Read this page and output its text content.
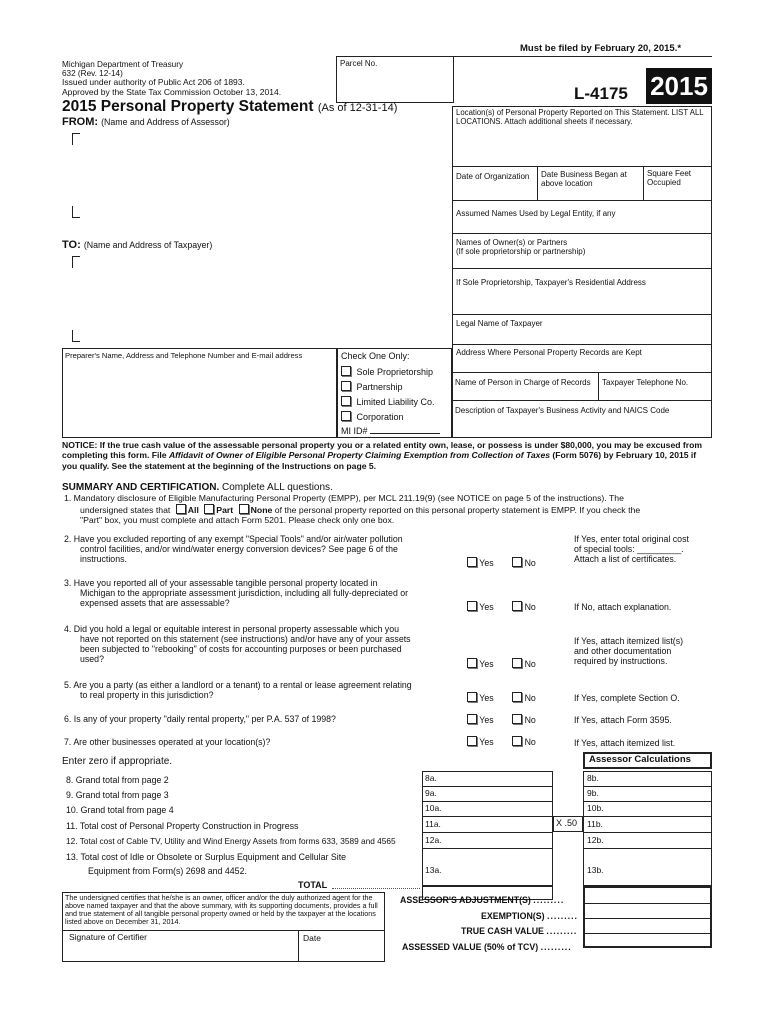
Must be filed by February 20, 2015.*
Michigan Department of Treasury
632 (Rev. 12-14)
Issued under authority of Public Act 206 of 1893.
Approved by the State Tax Commission October 13, 2014.
Parcel No.
L-4175 2015
2015 Personal Property Statement (As of 12-31-14)
FROM: (Name and Address of Assessor)
TO: (Name and Address of Taxpayer)
Location(s) of Personal Property Reported on This Statement. LIST ALL LOCATIONS. Attach additional sheets if necessary.
Date of Organization Date Business Began at above location
Square Feet Occupied
Assumed Names Used by Legal Entity, if any
Names of Owner(s) or Partners
(If sole proprietorship or partnership)
If Sole Proprietorship, Taxpayer's Residential Address
Legal Name of Taxpayer
Address Where Personal Property Records are Kept
Name of Person in Charge of Records Taxpayer Telephone No.
Description of Taxpayer's Business Activity and NAICS Code
Preparer's Name, Address and Telephone Number and E-mail address	Check One Only:
Sole Proprietorship
Partnership
Limited Liability Co.
Corporation
MI ID#
NOTICE: If the true cash value of the assessable personal property you or a related entity own, lease, or possess is under $80,000, you may be excused from completing this form. File Affidavit of Owner of Eligible Personal Property Claiming Exemption from Collection of Taxes (Form 5076) by February 10, 2015 if you qualify. See the statement at the beginning of the Instructions on page 5.
SUMMARY AND CERTIFICATION. Complete ALL questions.
1. Mandatory disclosure of Eligible Manufacturing Personal Property (EMPP), per MCL 211.19(9) (see NOTICE on page 5 of the instructions). The
undersigned states that All Part None of the personal property reported on this personal property statement is EMPP. If you check the
"Part" box, you must complete and attach Form 5201. Please check only one box.
2. Have you excluded reporting of any exempt "Special Tools" and/or air/water pollution
control facilities, and/or wind/water energy conversion devices? See page 6 of the
instructions.	Yes	No
If Yes, enter total original cost
of special tools: _________.
Attach a list of certificates.
3. Have you reported all of your assessable tangible personal property located in
Michigan to the appropriate assessment jurisdiction, including all fully-depreciated or
expensed assets that are assessable?	Yes	No	If No, attach explanation.
4. Did you hold a legal or equitable interest in personal property assessable which you
have not reported on this statement (see instructions) and/or have any of your assets
been subjected to "rebooking" of costs for accounting purposes or been purchased
used?	Yes	No
If Yes, attach itemized list(s)
and other documentation
required by instructions.
5. Are you a party (as either a landlord or a tenant) to a rental or lease agreement relating
to real property in this jurisdiction?	Yes	No	If Yes, complete Section O.
6. Is any of your property "daily rental property," per P.A. 537 of 1998?	Yes	No	If Yes, attach Form 3595.
7. Are other businesses operated at your location(s)?	Yes	No	If Yes, attach itemized list.
Enter zero if appropriate.	Assessor Calculations
8. Grand total from page 2	8a.	8b.
9. Grand total from page 3	9a.	9b.
10. Grand total from page 4	10a.	10b.
11. Total cost of Personal Property Construction in Progress	11a.	X .50 11b.
12. Total cost of Cable TV, Utility and Wind Energy Assets from forms 633, 3589 and 4565	12a.	12b.
13. Total cost of Idle or Obsolete or Surplus Equipment and Cellular Site
Equipment from Form(s) 2698 and 4452.	13a.	13b.
TOTAL
The undersigned certifies that he/she is an owner, officer and/or the duly authorized agent for the above named taxpayer and that the above summary, with its supporting documents, provides a full and true statement of all tangible personal property owned or held by the taxpayer at the locations listed above on December 31, 2014.
Signature of Certifier	Date
ASSESSOR'S ADJUSTMENT(S) .........
EXEMPTION(S) .........
TRUE CASH VALUE .........
ASSESSED VALUE (50% of TCV) .........
